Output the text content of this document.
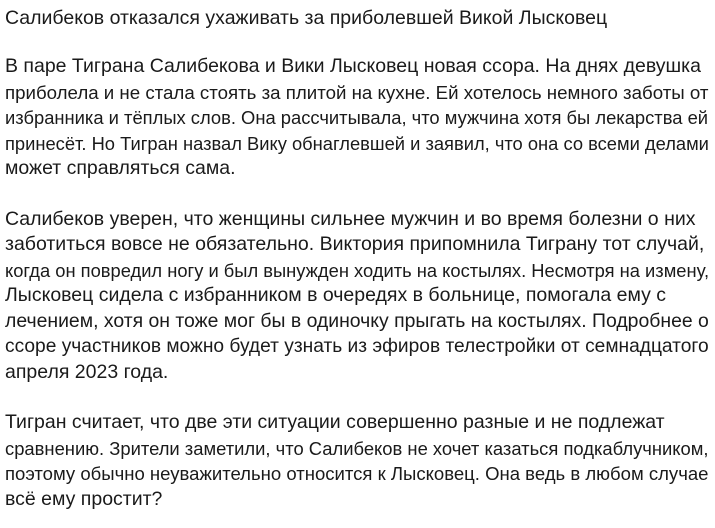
Салибеков отказался ухаживать за приболевшей Викой Лысковец

В паре Тиграна Салибекова и Вики Лысковец новая ссора. На днях девушка
приболела и не стала стоять за плитой на кухне. Ей хотелось немного заботы от
избранника и тёплых слов. Она рассчитывала, что мужчина хотя бы лекарства ей
принесёт. Но Тигран назвал Вику обнаглевшей и заявил, что она со всеми делами
может справляться сама.

Салибеков уверен, что женщины сильнее мужчин и во время болезни о них
заботиться вовсе не обязательно. Виктория припомнила Тиграну тот случай,
когда он повредил ногу и был вынужден ходить на костылях. Несмотря на измену,
Лысковец сидела с избранником в очередях в больнице, помогала ему с
лечением, хотя он тоже мог бы в одиночку прыгать на костылях. Подробнее о
ссоре участников можно будет узнать из эфиров телестройки от семнадцатого
апреля 2023 года.

Тигран считает, что две эти ситуации совершенно разные и не подлежат
сравнению. Зрители заметили, что Салибеков не хочет казаться подкаблучником,
поэтому обычно неуважительно относится к Лысковец. Она ведь в любом случае
всё ему простит?
